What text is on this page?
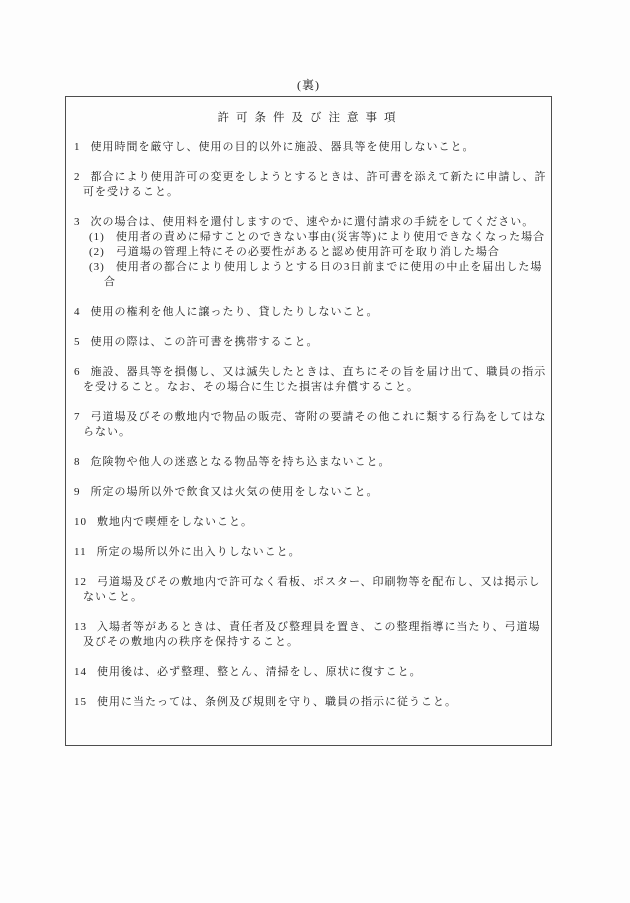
(裏)
許可条件及び注意事項
1 使用時間を厳守し、使用の目的以外に施設、器具等を使用しないこと。
2 都合により使用許可の変更をしようとするときは、許可書を添えて新たに申請し、許可を受けること。
3 次の場合は、使用料を還付しますので、速やかに還付請求の手続をしてください。
(1) 使用者の責めに帰すことのできない事由(災害等)により使用できなくなった場合
(2) 弓道場の管理上特にその必要性があると認め使用許可を取り消した場合
(3) 使用者の都合により使用しようとする日の3日前までに使用の中止を届出した場合
4 使用の権利を他人に譲ったり、貸したりしないこと。
5 使用の際は、この許可書を携帯すること。
6 施設、器具等を損傷し、又は滅失したときは、直ちにその旨を届け出て、職員の指示を受けること。なお、その場合に生じた損害は弁償すること。
7 弓道場及びその敷地内で物品の販売、寄附の要請その他これに類する行為をしてはならない。
8 危険物や他人の迷惑となる物品等を持ち込まないこと。
9 所定の場所以外で飲食又は火気の使用をしないこと。
10 敷地内で喫煙をしないこと。
11 所定の場所以外に出入りしないこと。
12 弓道場及びその敷地内で許可なく看板、ポスター、印刷物等を配布し、又は掲示しないこと。
13 入場者等があるときは、責任者及び整理員を置き、この整理指導に当たり、弓道場及びその敷地内の秩序を保持すること。
14 使用後は、必ず整理、整とん、清掃をし、原状に復すこと。
15 使用に当たっては、条例及び規則を守り、職員の指示に従うこと。
